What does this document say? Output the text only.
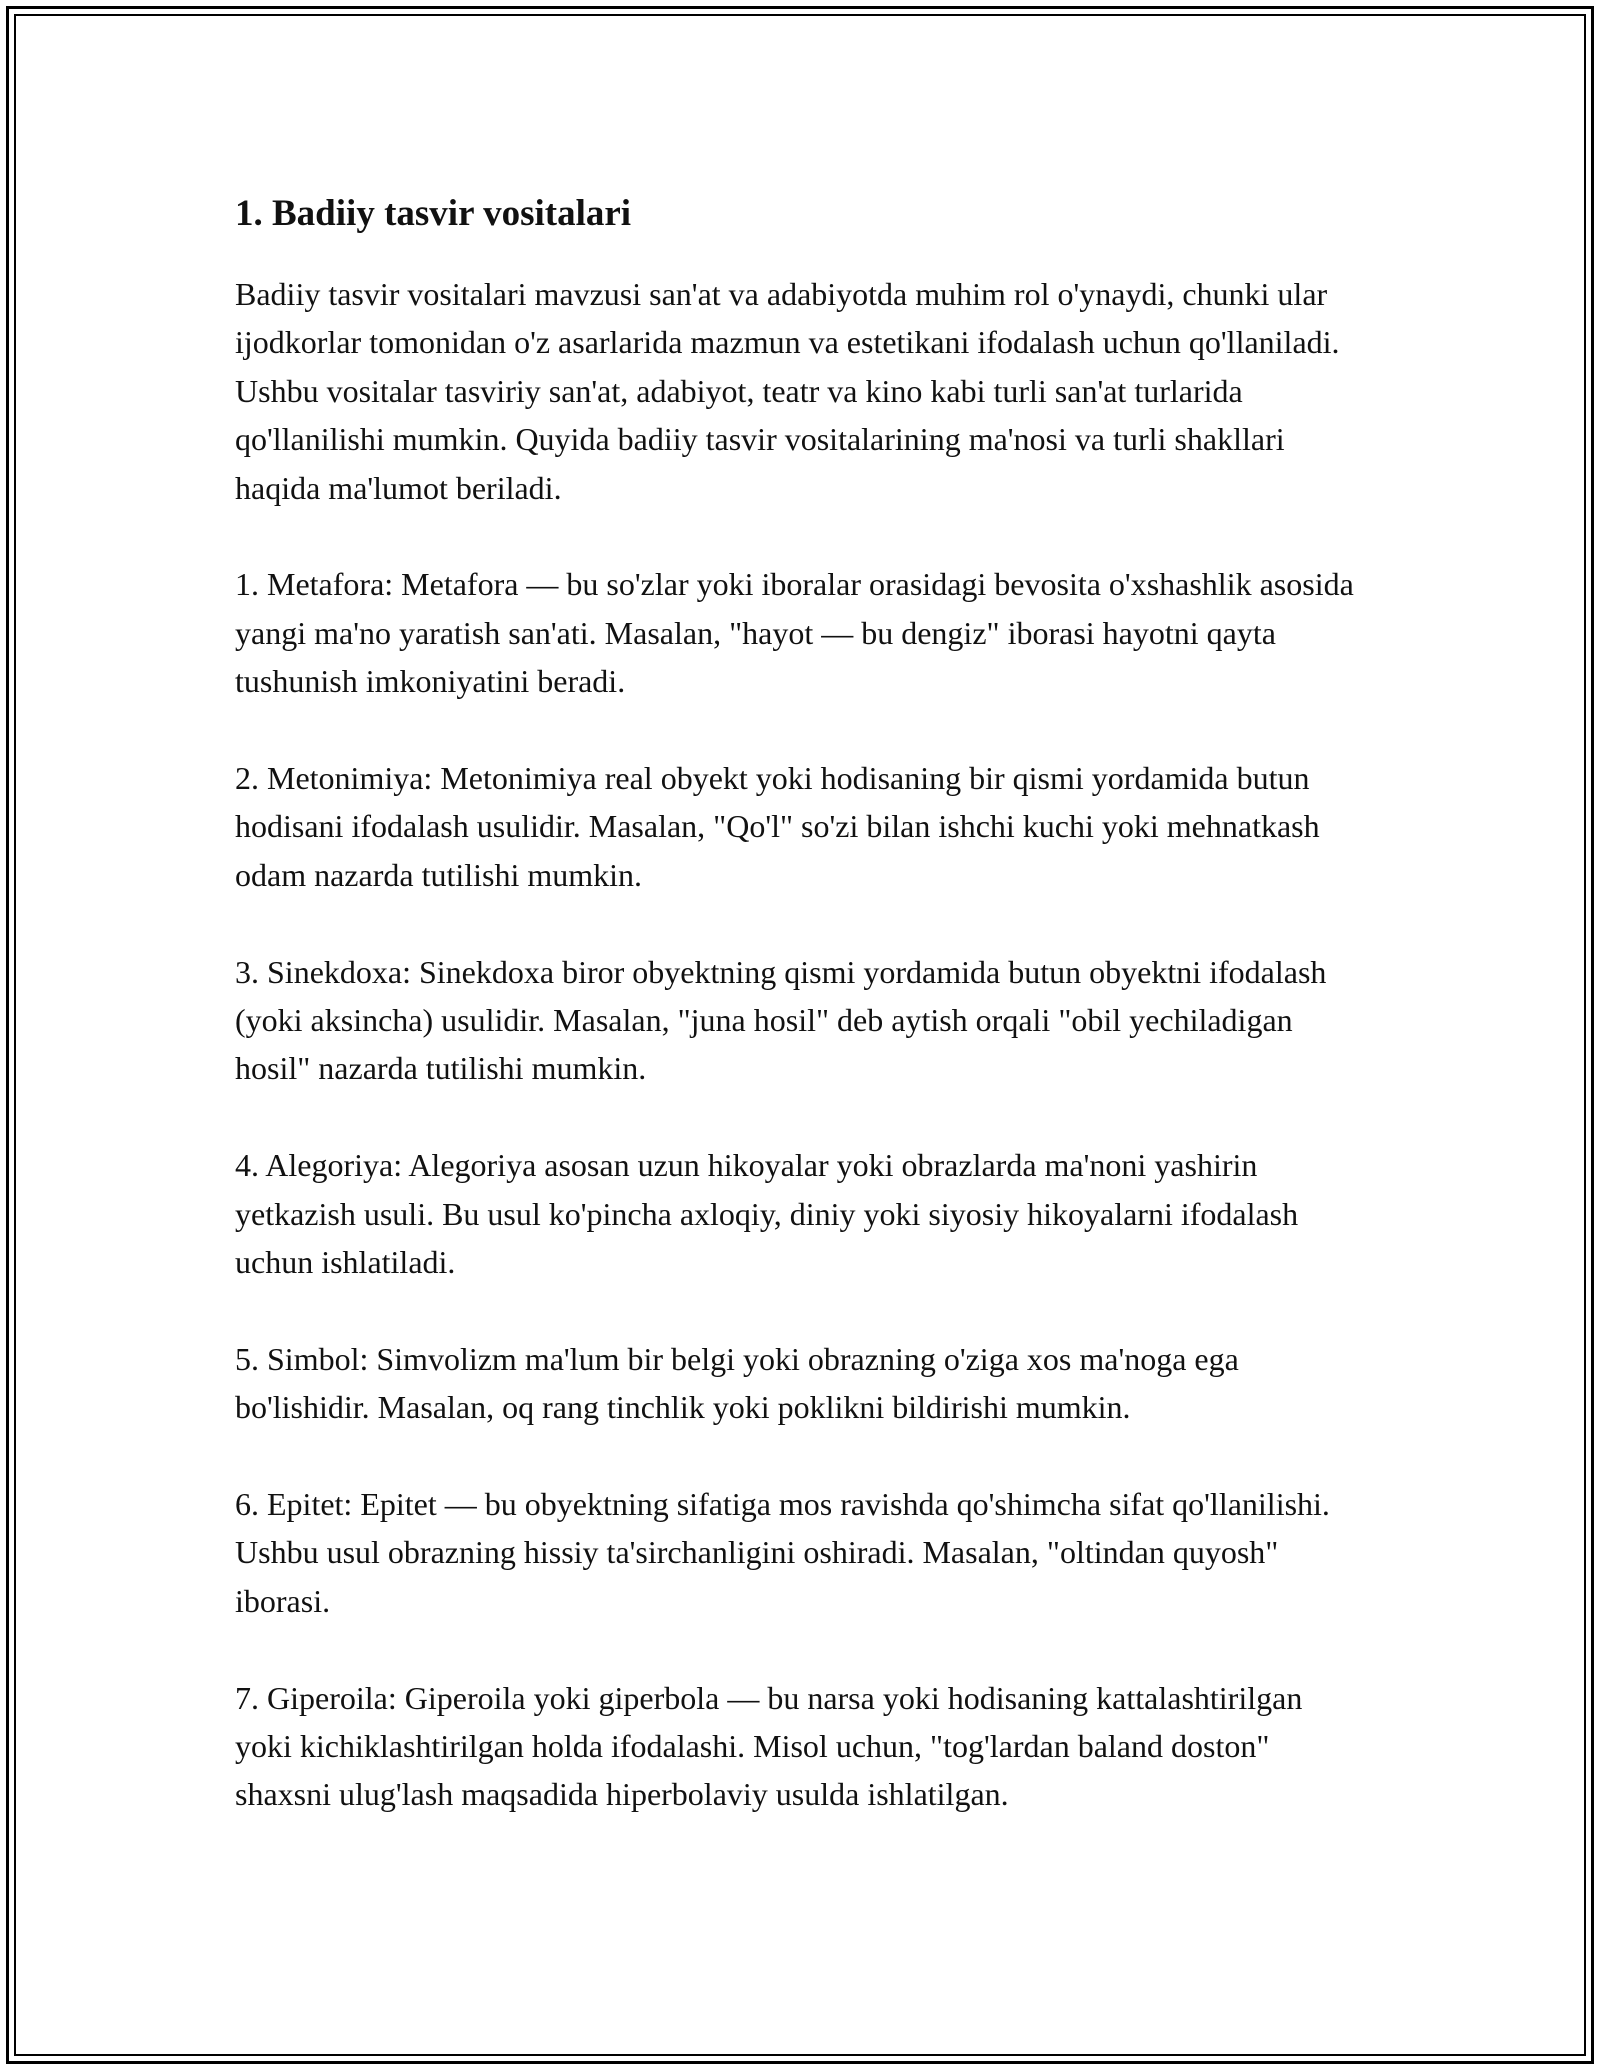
1. Badiiy tasvir vositalari

Badiiy tasvir vositalari mavzusi san'at va adabiyotda muhim rol o'ynaydi, chunki ular ijodkorlar tomonidan o'z asarlarida mazmun va estetikani ifodalash uchun qo'llaniladi. Ushbu vositalar tasviriy san'at, adabiyot, teatr va kino kabi turli san'at turlarida qo'llanilishi mumkin. Quyida badiiy tasvir vositalarining ma'nosi va turli shakllari haqida ma'lumot beriladi.

1. Metafora: Metafora — bu so'zlar yoki iboralar orasidagi bevosita o'xshashlik asosida yangi ma'no yaratish san'ati. Masalan, "hayot — bu dengiz" iborasi hayotni qayta tushunish imkoniyatini beradi.

2. Metonimiya: Metonimiya real obyekt yoki hodisaning bir qismi yordamida butun hodisani ifodalash usulidir. Masalan, "Qo'l" so'zi bilan ishchi kuchi yoki mehnatkash odam nazarda tutilishi mumkin.

3. Sinekdoxa: Sinekdoxa biror obyektning qismi yordamida butun obyektni ifodalash (yoki aksincha) usulidir. Masalan, "juna hosil" deb aytish orqali "obil yechiladigan hosil" nazarda tutilishi mumkin.

4. Alegoriya: Alegoriya asosan uzun hikoyalar yoki obrazlarda ma'noni yashirin yetkazish usuli. Bu usul ko'pincha axloqiy, diniy yoki siyosiy hikoyalarni ifodalash uchun ishlatiladi.

5. Simbol: Simvolizm ma'lum bir belgi yoki obrazning o'ziga xos ma'noga ega bo'lishidir. Masalan, oq rang tinchlik yoki poklikni bildirishi mumkin.

6. Epitet: Epitet — bu obyektning sifatiga mos ravishda qo'shimcha sifat qo'llanilishi. Ushbu usul obrazning hissiy ta'sirchanligini oshiradi. Masalan, "oltindan quyosh" iborasi.

7. Giperoila: Giperoila yoki giperbola — bu narsa yoki hodisaning kattalashtirilgan yoki kichiklashtirilgan holda ifodalashi. Misol uchun, "tog'lardan baland doston" shaxsni ulug'lash maqsadida hiperbolaviy usulda ishlatilgan.
